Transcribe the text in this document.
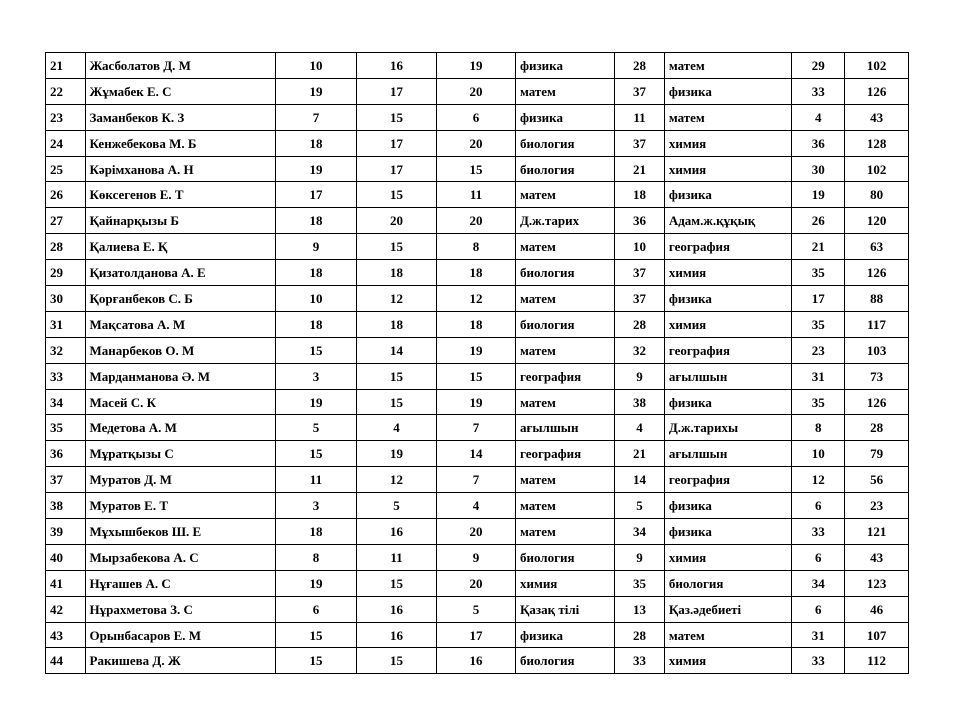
21	Жасболатов Д. М	10	16	19	физика	28	матем	29	102
22	Жұмабек Е. С	19	17	20	матем	37	физика	33	126
23	Заманбеков К. З	7	15	6	физика	11	матем	4	43
24	Кенжебекова М. Б	18	17	20	биология	37	химия	36	128
25	Кәрімханова А. Н	19	17	15	биология	21	химия	30	102
26	Көксегенов Е. Т	17	15	11	матем	18	физика	19	80
27	Қайнарқызы Б	18	20	20	Д.ж.тарих	36	Адам.ж.құқық	26	120
28	Қалиева Е. Қ	9	15	8	матем	10	география	21	63
29	Қизатолданова А. Е	18	18	18	биология	37	химия	35	126
30	Қорғанбеков С. Б	10	12	12	матем	37	физика	17	88
31	Мақсатова А. М	18	18	18	биология	28	химия	35	117
32	Манарбеков О. М	15	14	19	матем	32	география	23	103
33	Марданманова Ә. М	3	15	15	география	9	ағылшын	31	73
34	Масей С. К	19	15	19	матем	38	физика	35	126
35	Медетова А. М	5	4	7	ағылшын	4	Д.ж.тарихы	8	28
36	Мұратқызы С	15	19	14	география	21	ағылшын	10	79
37	Муратов Д. М	11	12	7	матем	14	география	12	56
38	Муратов Е. Т	3	5	4	матем	5	физика	6	23
39	Мұхышбеков Ш. Е	18	16	20	матем	34	физика	33	121
40	Мырзабекова А. С	8	11	9	биология	9	химия	6	43
41	Нұғашев А. С	19	15	20	химия	35	биология	34	123
42	Нұрахметова З. С	6	16	5	Қазақ тілі	13	Қаз.әдебиеті	6	46
43	Орынбасаров Е. М	15	16	17	физика	28	матем	31	107
44	Ракишева Д. Ж	15	15	16	биология	33	химия	33	112
